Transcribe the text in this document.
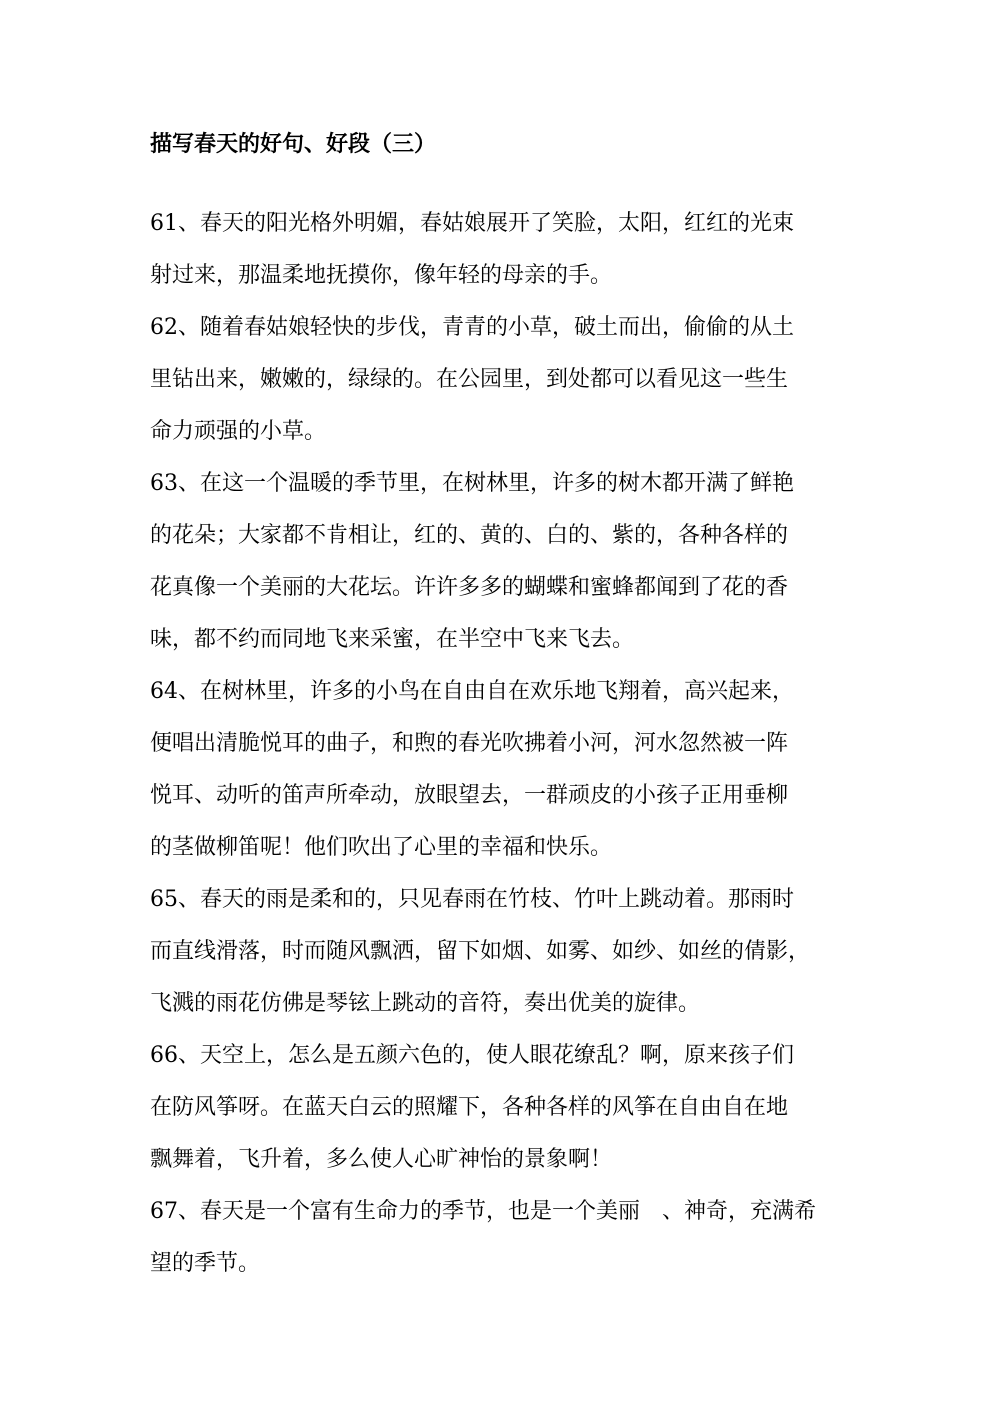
描写春天的好句、好段（三）

61、春天的阳光格外明媚，春姑娘展开了笑脸，太阳，红红的光束
射过来，那温柔地抚摸你，像年轻的母亲的手。

62、随着春姑娘轻快的步伐，青青的小草，破土而出，偷偷的从土
里钻出来，嫩嫩的，绿绿的。在公园里，到处都可以看见这一些生
命力顽强的小草。

63、在这一个温暖的季节里，在树林里，许多的树木都开满了鲜艳
的花朵；大家都不肯相让，红的、黄的、白的、紫的，各种各样的
花真像一个美丽的大花坛。许许多多的蝴蝶和蜜蜂都闻到了花的香
味，都不约而同地飞来采蜜，在半空中飞来飞去。

64、在树林里，许多的小鸟在自由自在欢乐地飞翔着，高兴起来，
便唱出清脆悦耳的曲子，和煦的春光吹拂着小河，河水忽然被一阵
悦耳、动听的笛声所牵动，放眼望去，一群顽皮的小孩子正用垂柳
的茎做柳笛呢！他们吹出了心里的幸福和快乐。

65、春天的雨是柔和的，只见春雨在竹枝、竹叶上跳动着。那雨时
而直线滑落，时而随风飘洒，留下如烟、如雾、如纱、如丝的倩影，
飞溅的雨花仿佛是琴铉上跳动的音符，奏出优美的旋律。

66、天空上，怎么是五颜六色的，使人眼花缭乱？啊，原来孩子们
在防风筝呀。在蓝天白云的照耀下，各种各样的风筝在自由自在地
飘舞着，飞升着，多么使人心旷神怡的景象啊！

67、春天是一个富有生命力的季节，也是一个美丽　、神奇，充满希
望的季节。
